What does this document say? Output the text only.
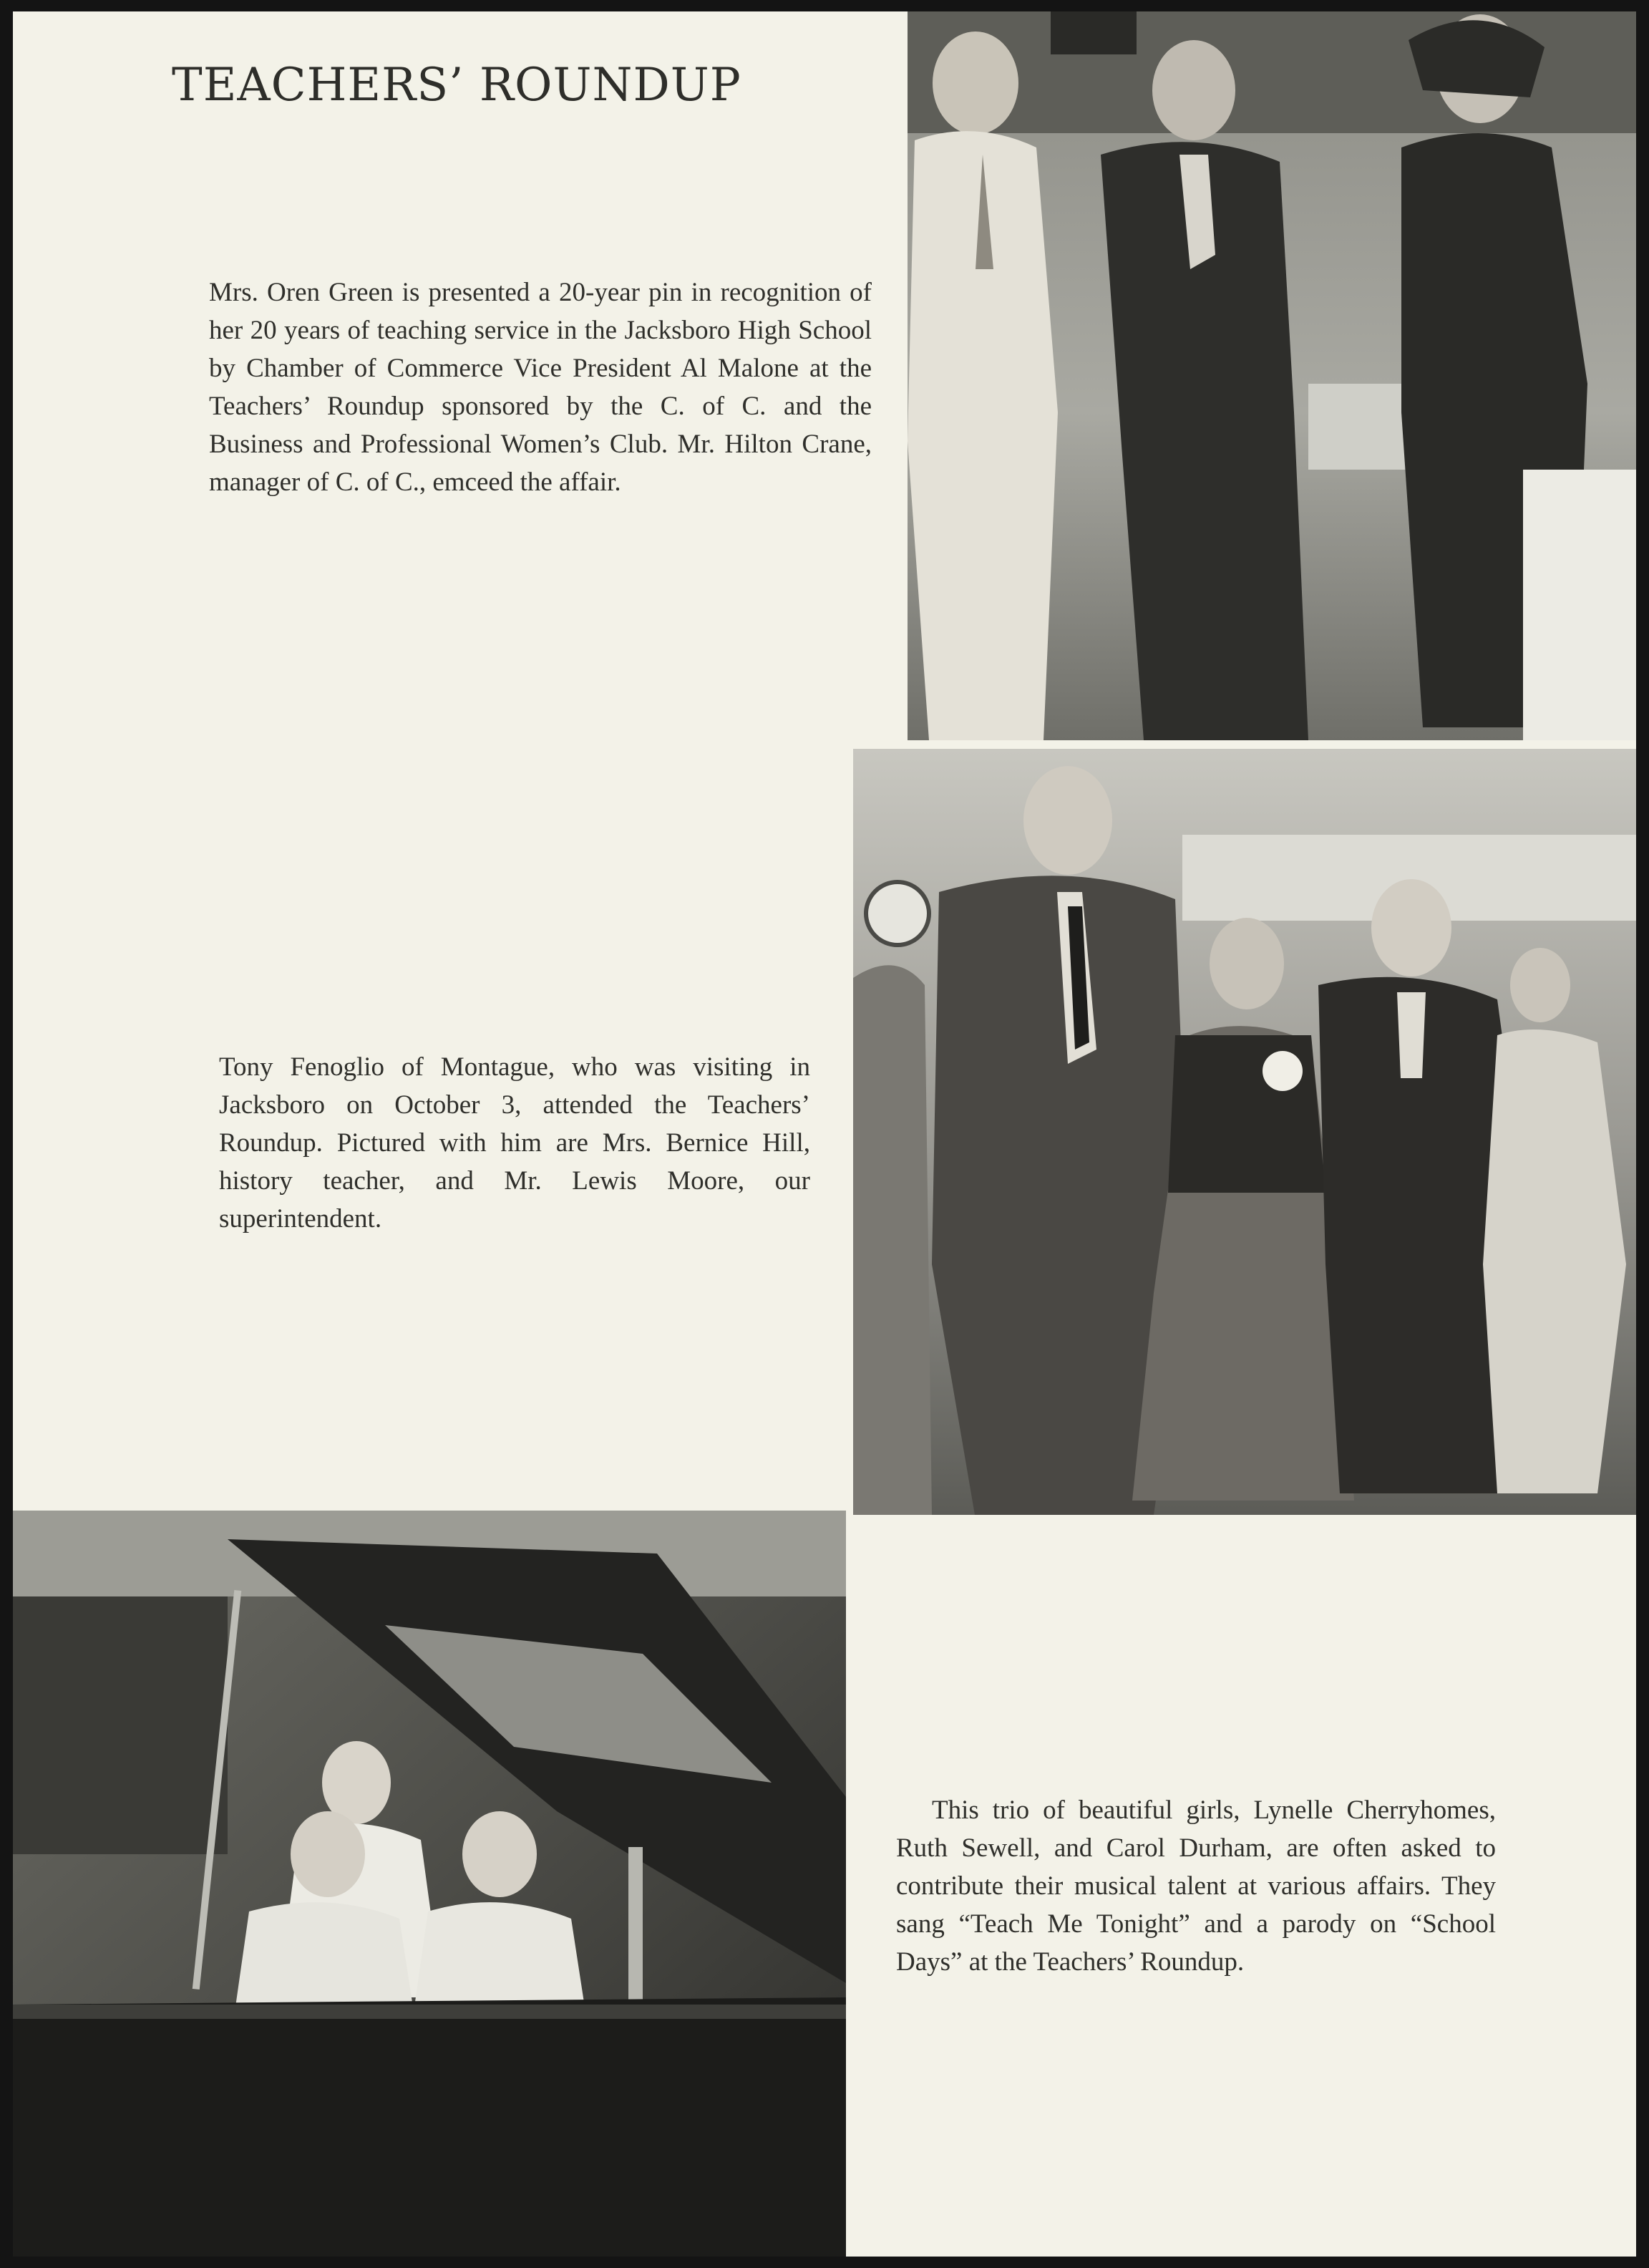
TEACHERS’ ROUNDUP

Mrs. Oren Green is presented a 20-year pin in recognition of her 20 years of teaching service in the Jacksboro High School by Chamber of Commerce Vice President Al Malone at the Teachers’ Roundup sponsored by the C. of C. and the Business and Professional Women’s Club. Mr. Hilton Crane, manager of C. of C., emceed the affair.

Tony Fenoglio of Montague, who was visiting in Jacksboro on October 3, attended the Teachers’ Roundup. Pictured with him are Mrs. Bernice Hill, history teacher, and Mr. Lewis Moore, our superintendent.

This trio of beautiful girls, Lynelle Cherryhomes, Ruth Sewell, and Carol Durham, are often asked to contribute their musical talent at various affairs. They sang “Teach Me Tonight” and a parody on “School Days” at the Teachers’ Roundup.
